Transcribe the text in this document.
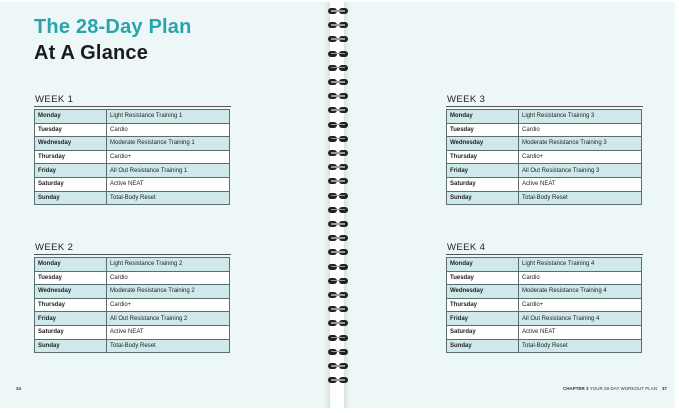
The 28-Day Plan
At A Glance
WEEK 1
Monday	Light Resistance Training 1
Tuesday	Cardio
Wednesday	Moderate Resistance Training 1
Thursday	Cardio+
Friday	All Out Resistance Training 1
Saturday	Active NEAT
Sunday	Total-Body Reset
WEEK 2
Monday	Light Resistance Training 2
Tuesday	Cardio
Wednesday	Moderate Resistance Training 2
Thursday	Cardio+
Friday	All Out Resistance Training 2
Saturday	Active NEAT
Sunday	Total-Body Reset
34
WEEK 3
Monday	Light Resistance Training 3
Tuesday	Cardio
Wednesday	Moderate Resistance Training 3
Thursday	Cardio+
Friday	All Out Resistance Training 3
Saturday	Active NEAT
Sunday	Total-Body Reset
WEEK 4
Monday	Light Resistance Training 4
Tuesday	Cardio
Wednesday	Moderate Resistance Training 4
Thursday	Cardio+
Friday	All Out Resistance Training 4
Saturday	Active NEAT
Sunday	Total-Body Reset
CHAPTER 3 YOUR 28-DAY WORKOUT PLAN 37
